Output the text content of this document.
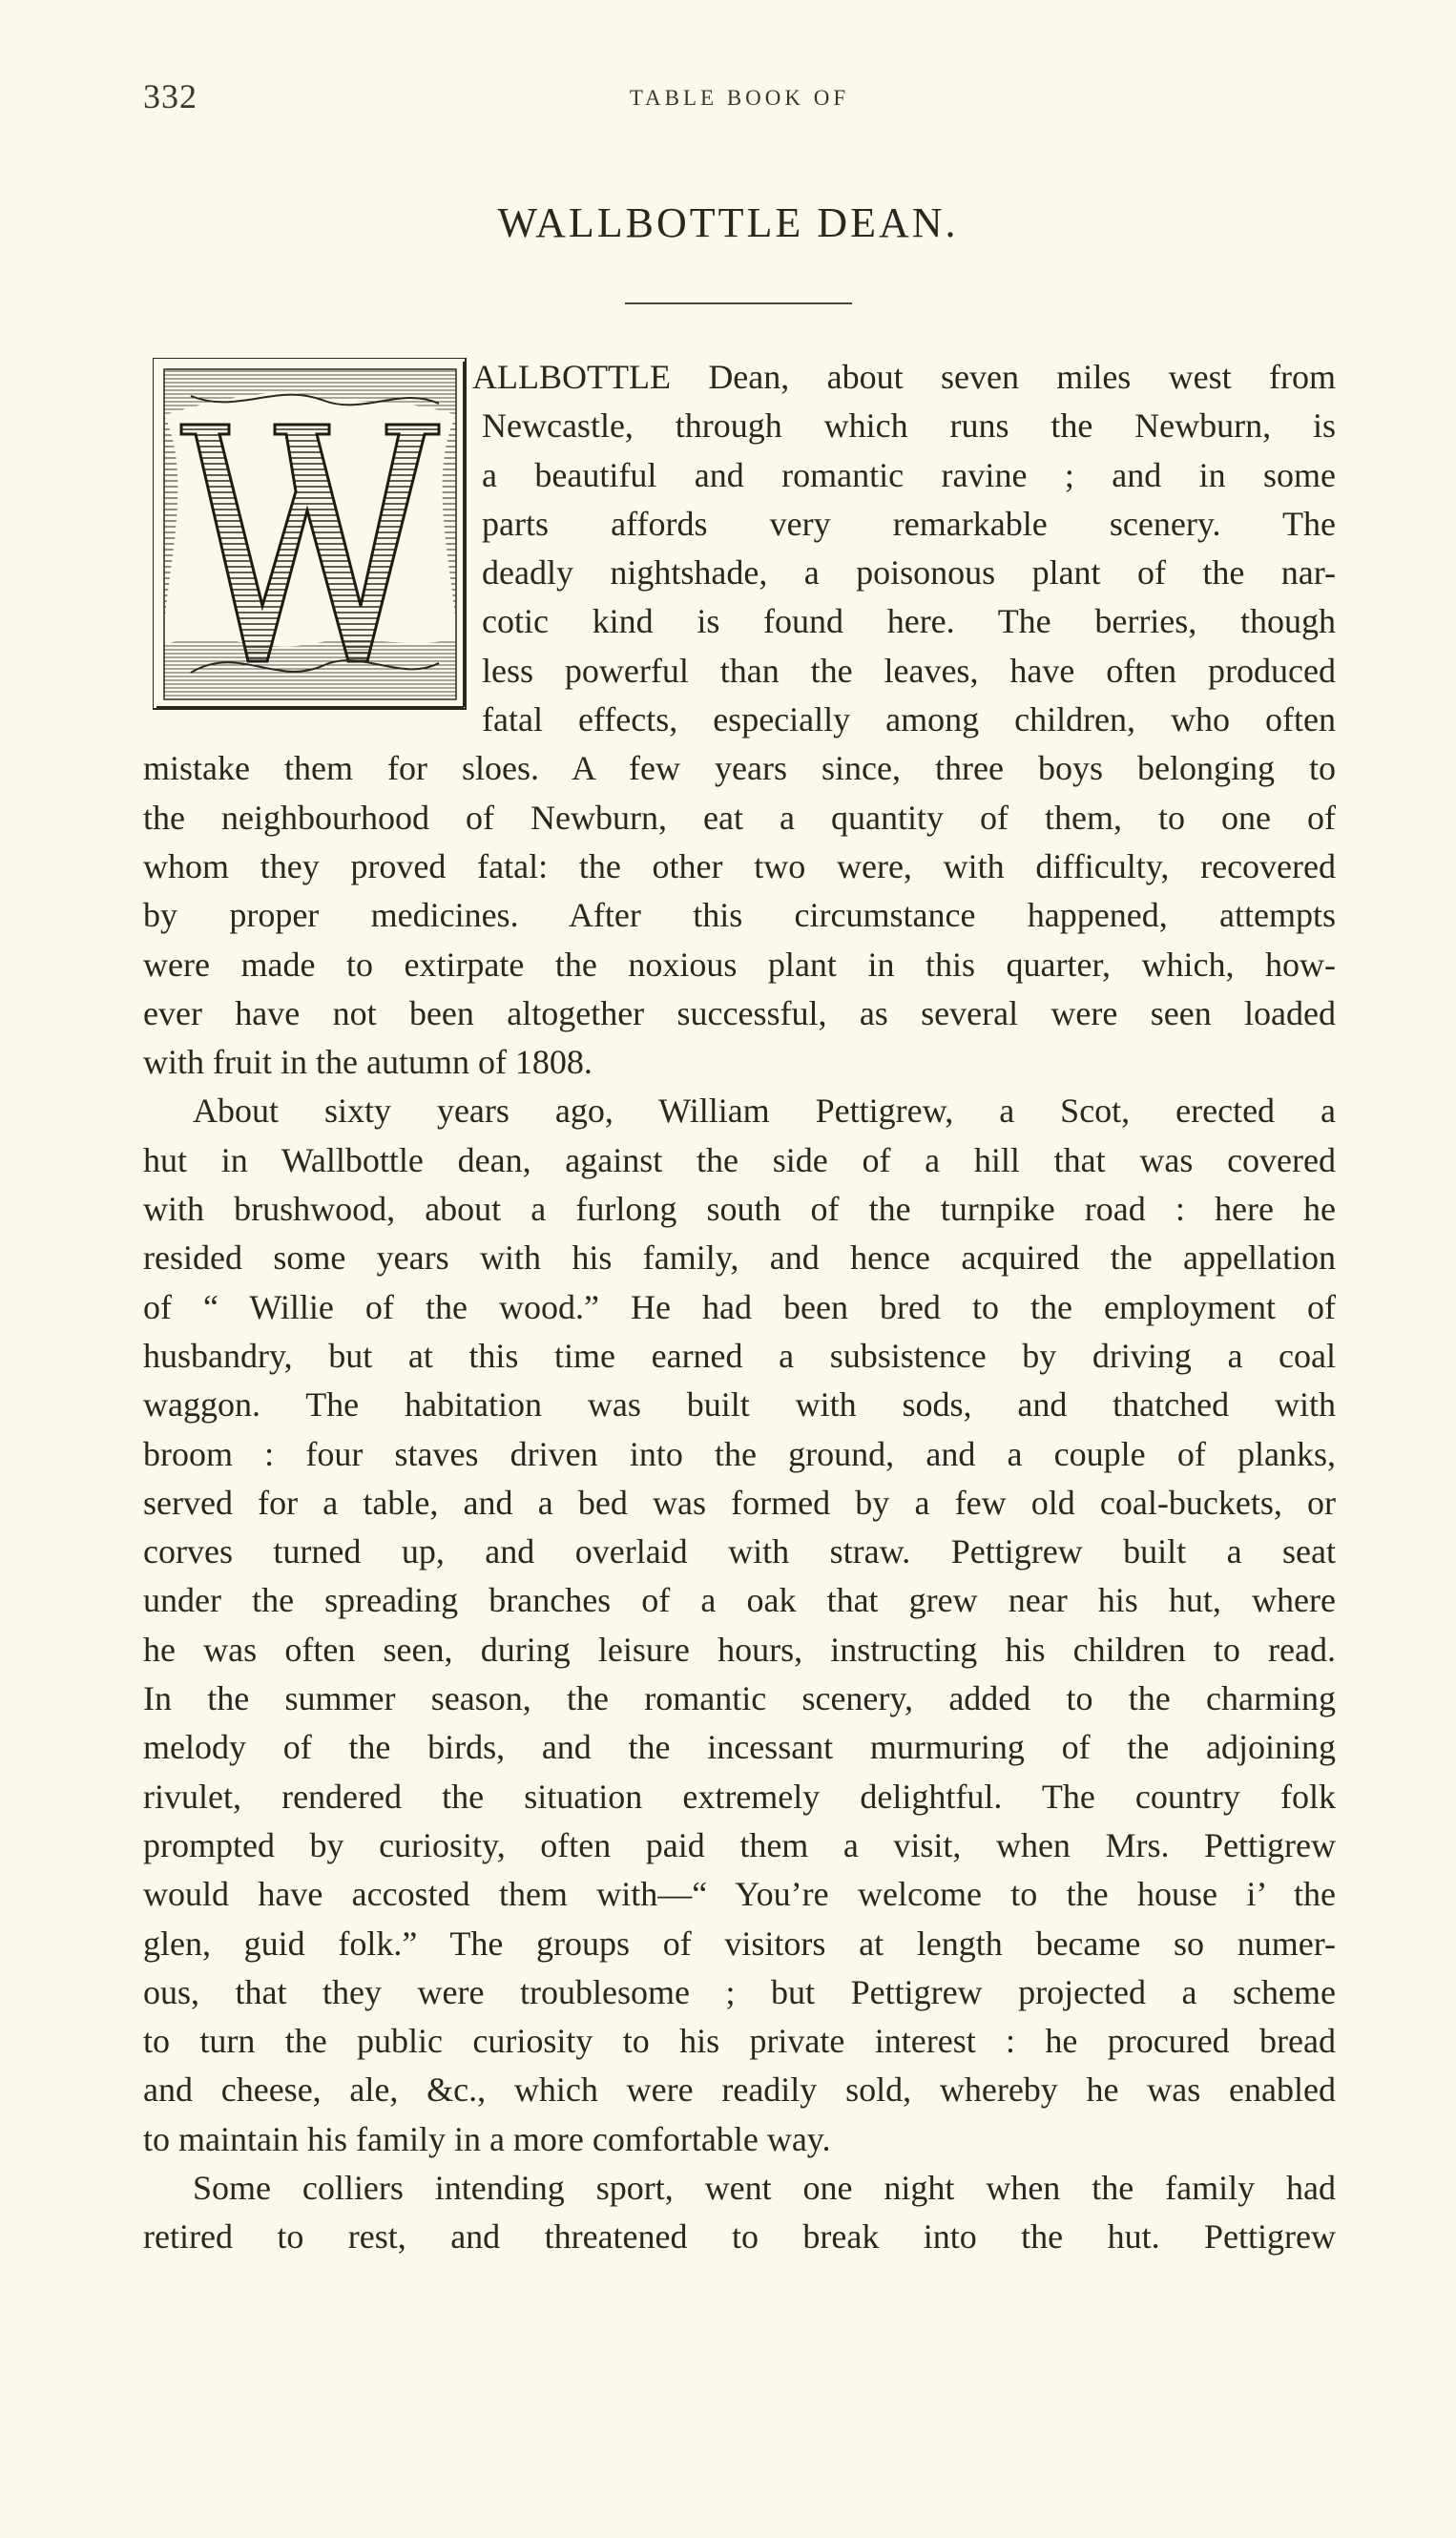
332	TABLE BOOK OF
WALLBOTTLE DEAN.
ALLBOTTLE Dean, about seven miles west from
Newcastle, through which runs the Newburn, is
a beautiful and romantic ravine ; and in some
parts affords very remarkable scenery. The
deadly nightshade, a poisonous plant of the nar-
cotic kind is found here. The berries, though
less powerful than the leaves, have often produced
fatal effects, especially among children, who often
mistake them for sloes. A few years since, three boys belonging to
the neighbourhood of Newburn, eat a quantity of them, to one of
whom they proved fatal: the other two were, with difficulty, recovered
by proper medicines. After this circumstance happened, attempts
were made to extirpate the noxious plant in this quarter, which, how-
ever have not been altogether successful, as several were seen loaded
with fruit in the autumn of 1808.
About sixty years ago, William Pettigrew, a Scot, erected a
hut in Wallbottle dean, against the side of a hill that was covered
with brushwood, about a furlong south of the turnpike road : here he
resided some years with his family, and hence acquired the appellation
of “ Willie of the wood.” He had been bred to the employment of
husbandry, but at this time earned a subsistence by driving a coal
waggon. The habitation was built with sods, and thatched with
broom : four staves driven into the ground, and a couple of planks,
served for a table, and a bed was formed by a few old coal-buckets, or
corves turned up, and overlaid with straw. Pettigrew built a seat
under the spreading branches of a oak that grew near his hut, where
he was often seen, during leisure hours, instructing his children to read.
In the summer season, the romantic scenery, added to the charming
melody of the birds, and the incessant murmuring of the adjoining
rivulet, rendered the situation extremely delightful. The country folk
prompted by curiosity, often paid them a visit, when Mrs. Pettigrew
would have accosted them with—“ You’re welcome to the house i’ the
glen, guid folk.” The groups of visitors at length became so numer-
ous, that they were troublesome ; but Pettigrew projected a scheme
to turn the public curiosity to his private interest : he procured bread
and cheese, ale, &c., which were readily sold, whereby he was enabled
to maintain his family in a more comfortable way.
Some colliers intending sport, went one night when the family had
retired to rest, and threatened to break into the hut. Pettigrew
